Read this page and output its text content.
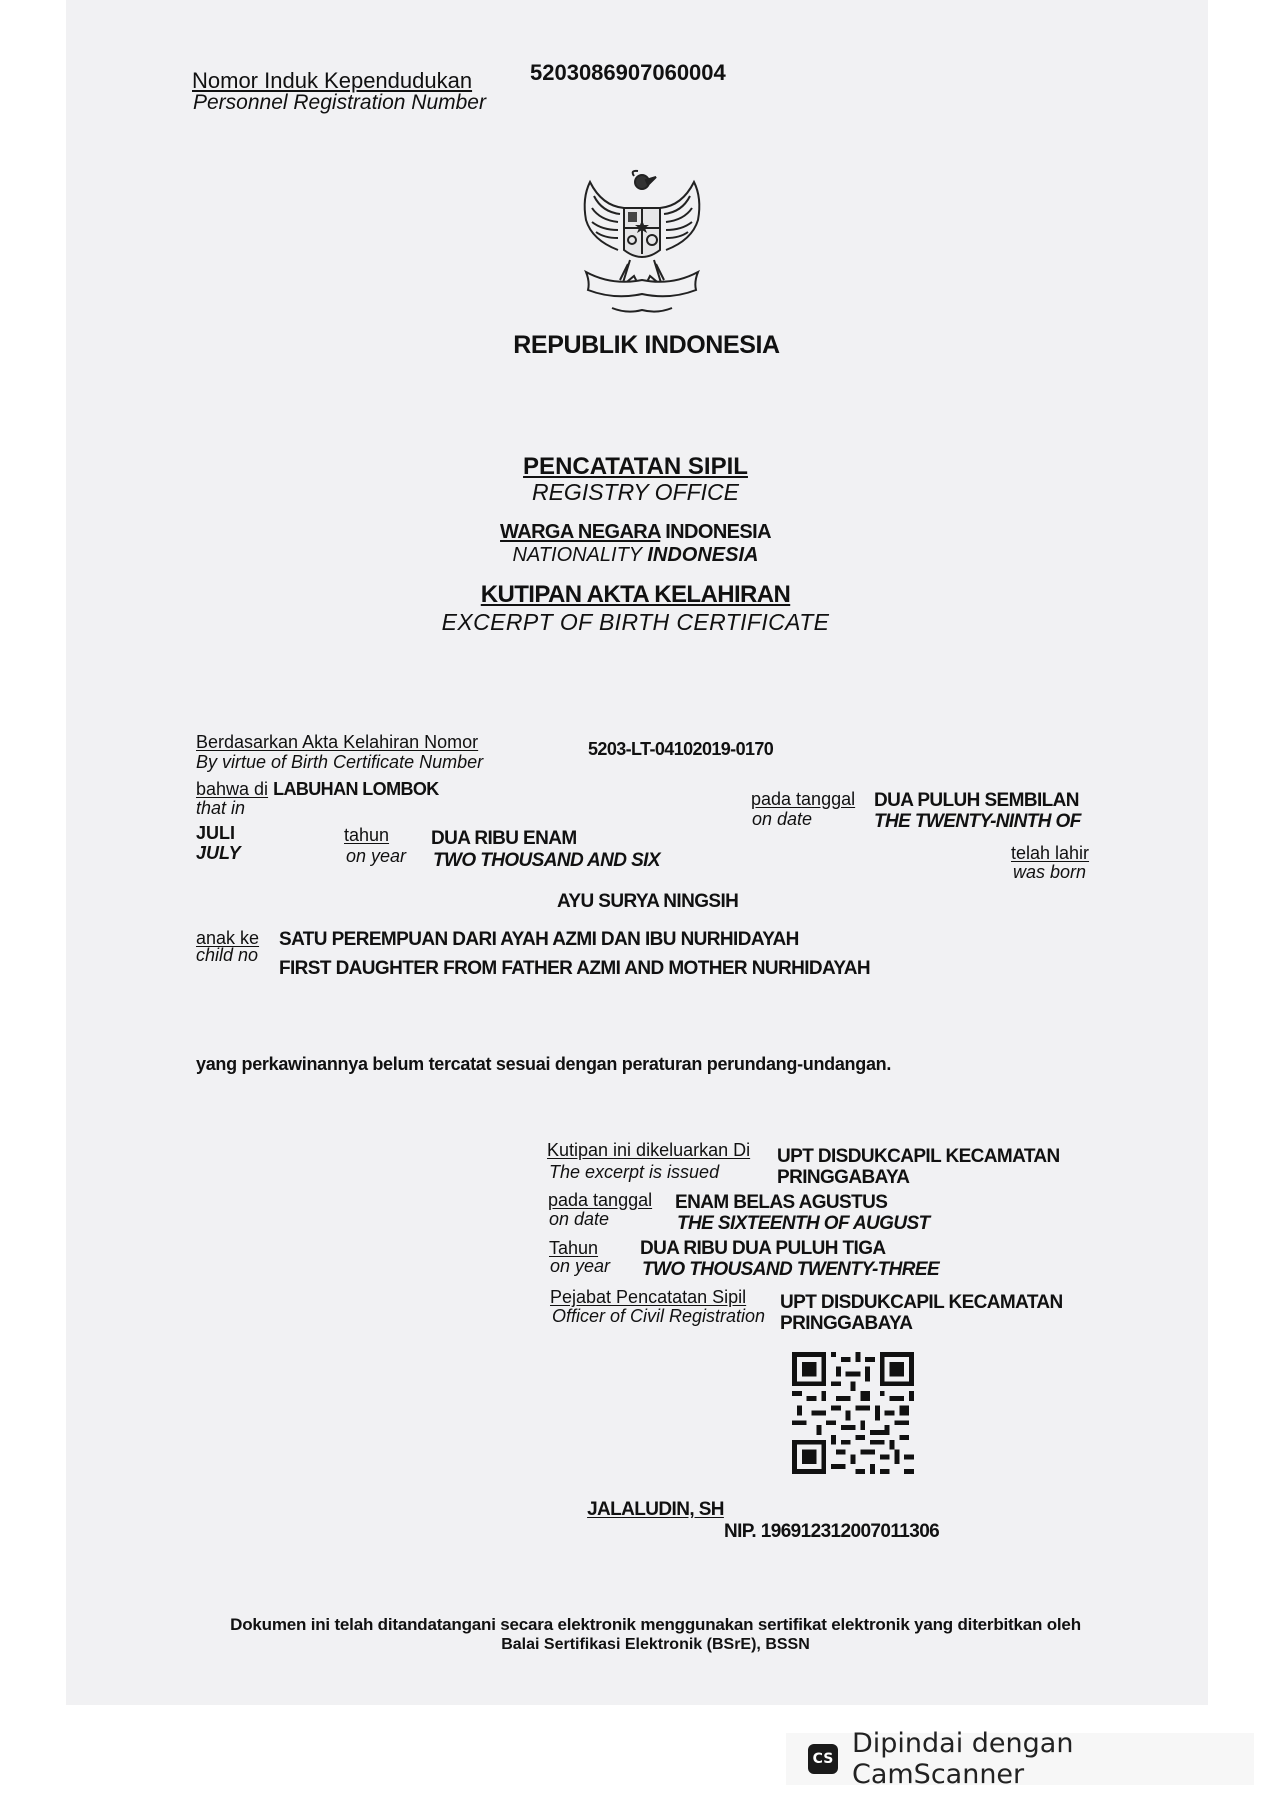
Nomor Induk Kependudukan
Personnel Registration Number
5203086907060004
REPUBLIK INDONESIA
PENCATATAN SIPIL
REGISTRY OFFICE
WARGA NEGARA INDONESIA
NATIONALITY INDONESIA
KUTIPAN AKTA KELAHIRAN
EXCERPT OF BIRTH CERTIFICATE
Berdasarkan Akta Kelahiran Nomor
By virtue of Birth Certificate Number
5203-LT-04102019-0170
bahwa di LABUHAN LOMBOK
that in	pada tanggal
on date
DUA PULUH SEMBILAN
THE TWENTY-NINTH OF
JULI
JULY
tahun
on year
DUA RIBU ENAM
TWO THOUSAND AND SIX	telah lahir
was born
AYU SURYA NINGSIH
anak ke
child no
SATU PEREMPUAN DARI AYAH AZMI DAN IBU NURHIDAYAH
FIRST DAUGHTER FROM FATHER AZMI AND MOTHER NURHIDAYAH
yang perkawinannya belum tercatat sesuai dengan peraturan perundang-undangan.
Kutipan ini dikeluarkan Di
The excerpt is issued
UPT DISDUKCAPIL KECAMATAN
PRINGGABAYA
pada tanggal
on date
ENAM BELAS AGUSTUS
THE SIXTEENTH OF AUGUST
Tahun
on year
DUA RIBU DUA PULUH TIGA
TWO THOUSAND TWENTY-THREE
Pejabat Pencatatan Sipil
Officer of Civil Registration
UPT DISDUKCAPIL KECAMATAN
PRINGGABAYA
JALALUDIN, SH
NIP. 196912312007011306
Dokumen ini telah ditandatangani secara elektronik menggunakan sertifikat elektronik yang diterbitkan oleh
Balai Sertifikasi Elektronik (BSrE), BSSN
CS Dipindai dengan CamScanner
